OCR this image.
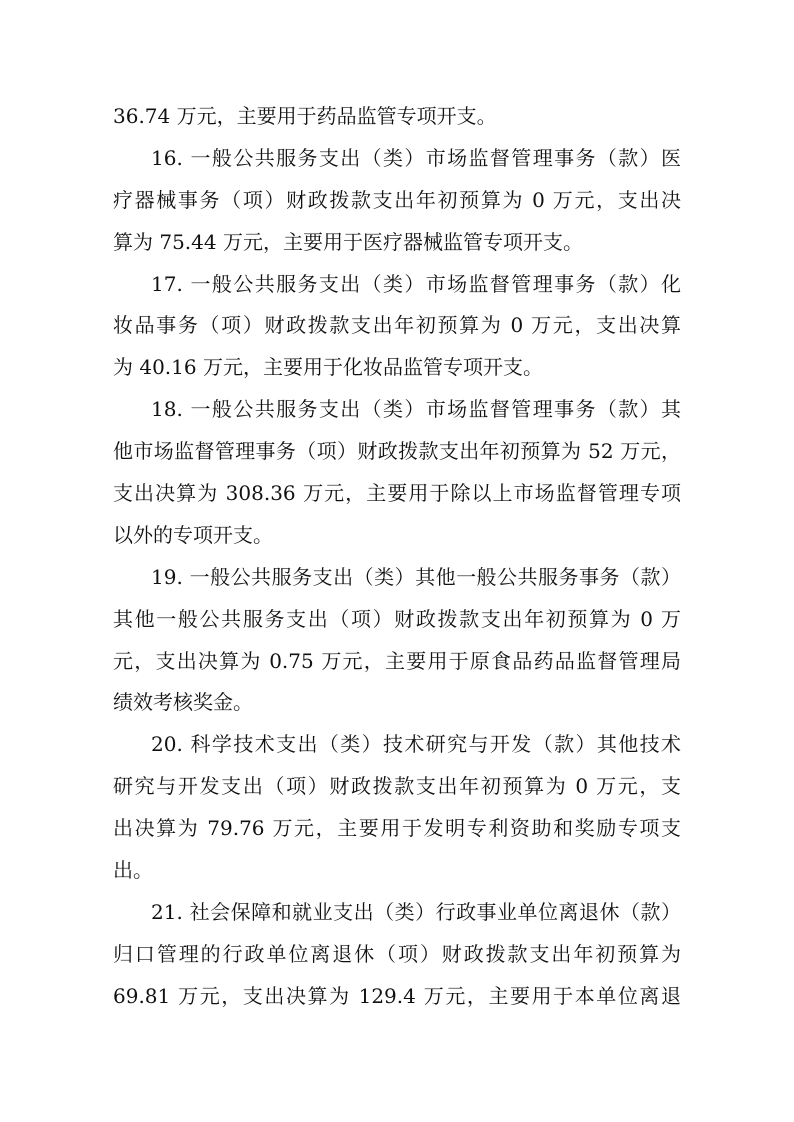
36.74 万元，主要用于药品监管专项开支。
16. 一般公共服务支出（类）市场监督管理事务（款）医
疗器械事务（项）财政拨款支出年初预算为 0 万元，支出决
算为 75.44 万元，主要用于医疗器械监管专项开支。
17. 一般公共服务支出（类）市场监督管理事务（款）化
妆品事务（项）财政拨款支出年初预算为 0 万元，支出决算
为 40.16 万元，主要用于化妆品监管专项开支。
18. 一般公共服务支出（类）市场监督管理事务（款）其
他市场监督管理事务（项）财政拨款支出年初预算为 52 万元，
支出决算为 308.36 万元，主要用于除以上市场监督管理专项
以外的专项开支。
19. 一般公共服务支出（类）其他一般公共服务事务（款）
其他一般公共服务支出（项）财政拨款支出年初预算为 0 万
元，支出决算为 0.75 万元，主要用于原食品药品监督管理局
绩效考核奖金。
20. 科学技术支出（类）技术研究与开发（款）其他技术
研究与开发支出（项）财政拨款支出年初预算为 0 万元，支
出决算为 79.76 万元，主要用于发明专利资助和奖励专项支
出。
21. 社会保障和就业支出（类）行政事业单位离退休（款）
归口管理的行政单位离退休（项）财政拨款支出年初预算为
69.81 万元，支出决算为 129.4 万元，主要用于本单位离退
